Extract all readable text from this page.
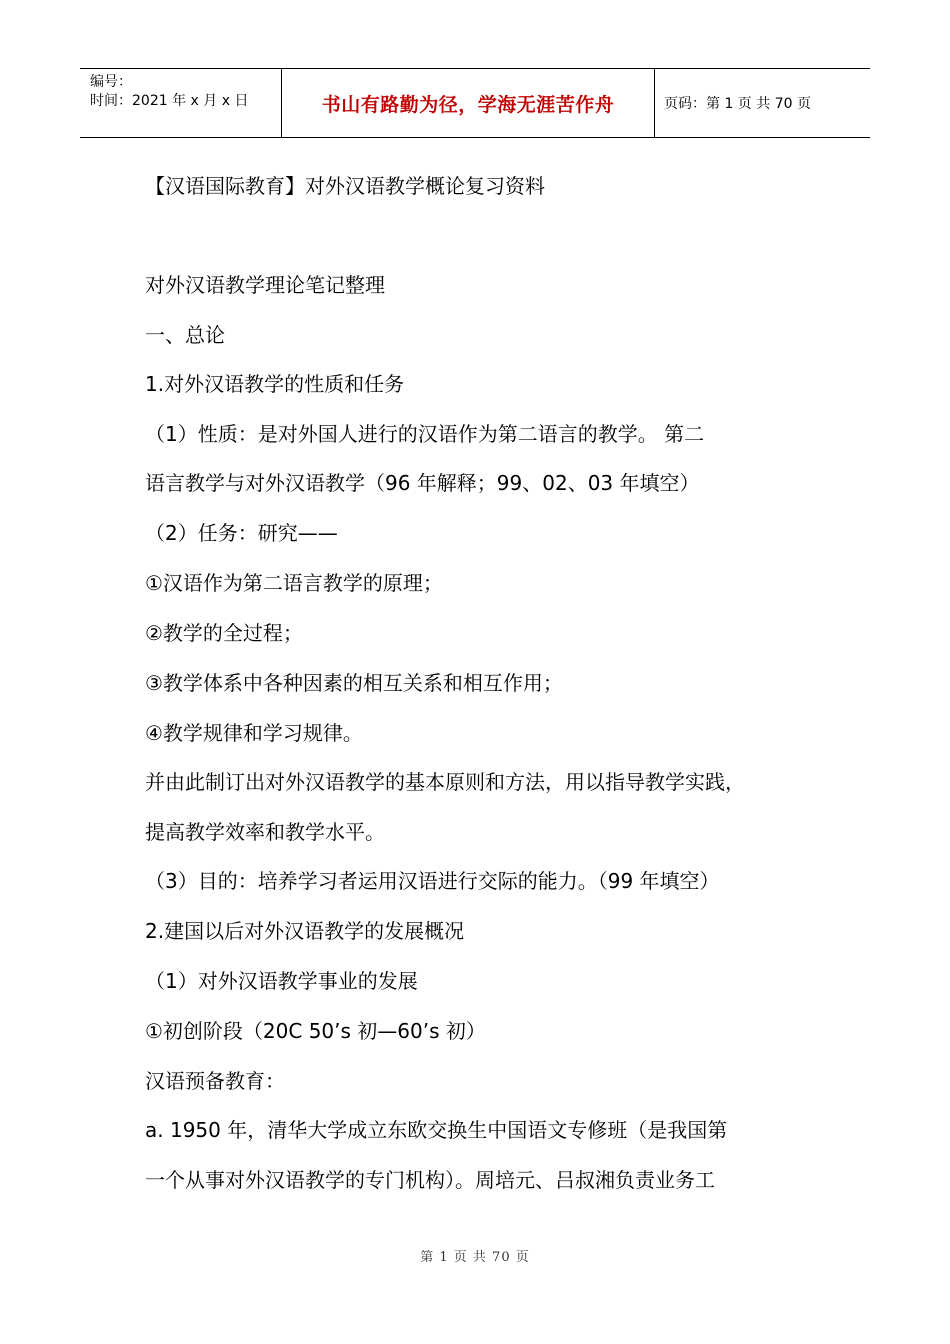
编号：
时间：2021 年 x 月 x 日	书山有路勤为径，学海无涯苦作舟	页码：第 1 页 共 70 页
【汉语国际教育】对外汉语教学概论复习资料
对外汉语教学理论笔记整理
一、总论
1.对外汉语教学的性质和任务
（1）性质：是对外国人进行的汉语作为第二语言的教学。 第二
语言教学与对外汉语教学（96 年解释；99、02、03 年填空）
（2）任务：研究——
①汉语作为第二语言教学的原理；
②教学的全过程；
③教学体系中各种因素的相互关系和相互作用；
④教学规律和学习规律。
并由此制订出对外汉语教学的基本原则和方法，用以指导教学实践，
提高教学效率和教学水平。
（3）目的：培养学习者运用汉语进行交际的能力。（99 年填空）
2.建国以后对外汉语教学的发展概况
（1）对外汉语教学事业的发展
①初创阶段（20C 50’s 初—60’s 初）
汉语预备教育：
a. 1950 年，清华大学成立东欧交换生中国语文专修班（是我国第
一个从事对外汉语教学的专门机构）。周培元、吕叔湘负责业务工
第 1 页 共 70 页
